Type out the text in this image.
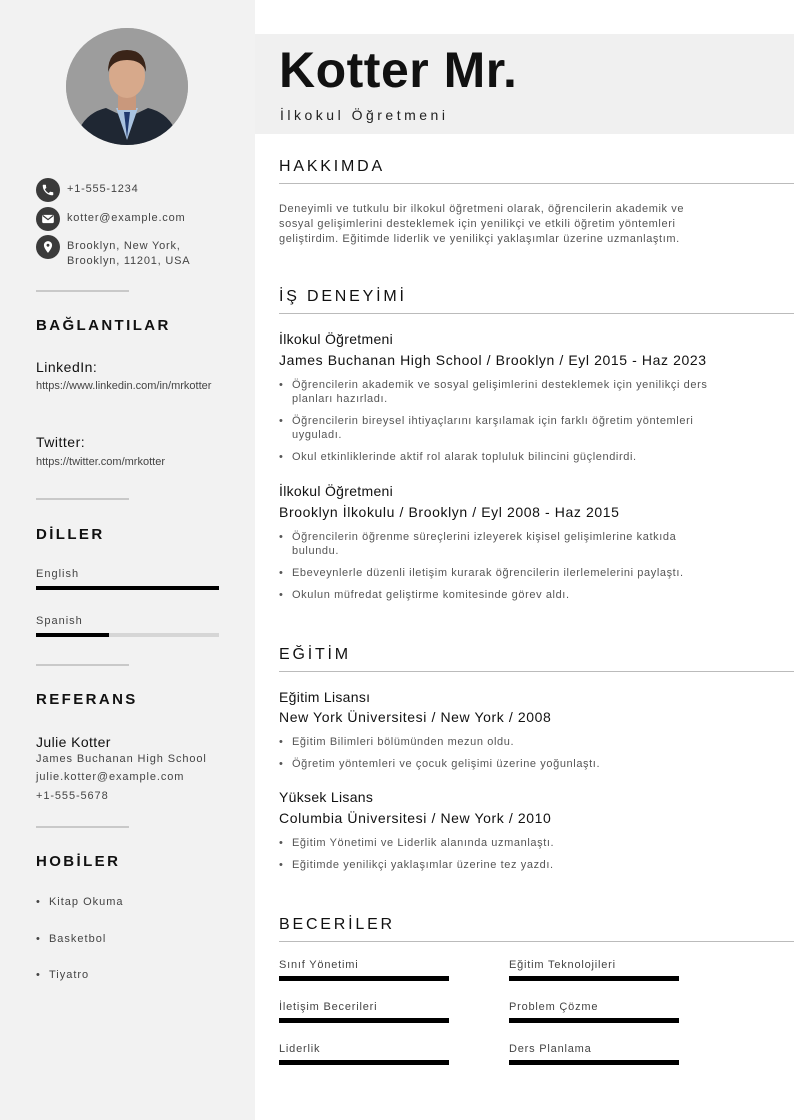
+1-555-1234
kotter@example.com
Brooklyn, New York,
Brooklyn, 11201, USA
BAĞLANTILAR
LinkedIn:
https://www.linkedin.com/in/mrkotter
Twitter:
https://twitter.com/mrkotter
DİLLER
English
Spanish
REFERANS
Julie Kotter
James Buchanan High School
julie.kotter@example.com
+1-555-5678
HOBİLER
•  Kitap Okuma
•  Basketbol
•  Tiyatro
Kotter Mr.
İlkokul Öğretmeni
HAKKIMDA
Deneyimli ve tutkulu bir ilkokul öğretmeni olarak, öğrencilerin akademik ve
sosyal gelişimlerini desteklemek için yenilikçi ve etkili öğretim yöntemleri
geliştirdim. Eğitimde liderlik ve yenilikçi yaklaşımlar üzerine uzmanlaştım.
İŞ DENEYİMİ
İlkokul Öğretmeni
James Buchanan High School / Brooklyn / Eyl 2015 - Haz 2023
• Öğrencilerin akademik ve sosyal gelişimlerini desteklemek için yenilikçi ders
planları hazırladı.
• Öğrencilerin bireysel ihtiyaçlarını karşılamak için farklı öğretim yöntemleri
uyguladı.
• Okul etkinliklerinde aktif rol alarak topluluk bilincini güçlendirdi.
İlkokul Öğretmeni
Brooklyn İlkokulu / Brooklyn / Eyl 2008 - Haz 2015
• Öğrencilerin öğrenme süreçlerini izleyerek kişisel gelişimlerine katkıda
bulundu.
• Ebeveynlerle düzenli iletişim kurarak öğrencilerin ilerlemelerini paylaştı.
• Okulun müfredat geliştirme komitesinde görev aldı.
EĞİTİM
Eğitim Lisansı
New York Üniversitesi / New York / 2008
• Eğitim Bilimleri bölümünden mezun oldu.
• Öğretim yöntemleri ve çocuk gelişimi üzerine yoğunlaştı.
Yüksek Lisans
Columbia Üniversitesi / New York / 2010
• Eğitim Yönetimi ve Liderlik alanında uzmanlaştı.
• Eğitimde yenilikçi yaklaşımlar üzerine tez yazdı.
BECERİLER
Sınıf Yönetimi	Eğitim Teknolojileri
İletişim Becerileri	Problem Çözme
Liderlik	Ders Planlama
